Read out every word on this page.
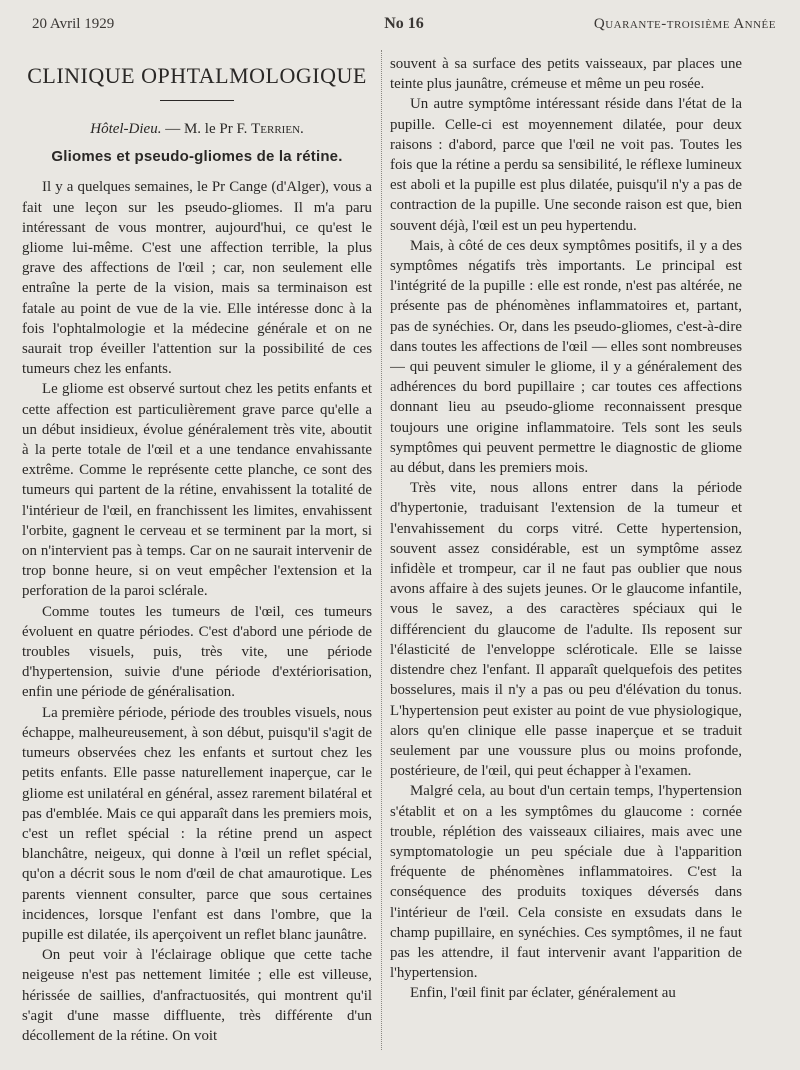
20 Avril 1929	No 16	Quarante-troisième Année
CLINIQUE OPHTALMOLOGIQUE
Hôtel-Dieu. — M. le Pr F. Terrien.
Gliomes et pseudo-gliomes de la rétine.

Il y a quelques semaines, le Pr Cange (d'Alger), vous a fait une leçon sur les pseudo-gliomes. Il m'a paru intéressant de vous montrer, aujourd'hui, ce qu'est le gliome lui-même. C'est une affection terrible, la plus grave des affections de l'œil ; car, non seulement elle entraîne la perte de la vision, mais sa terminaison est fatale au point de vue de la vie. Elle intéresse donc à la fois l'ophtalmologie et la médecine générale et on ne saurait trop éveiller l'attention sur la possibilité de ces tumeurs chez les enfants.

Le gliome est observé surtout chez les petits enfants et cette affection est particulièrement grave parce qu'elle a un début insidieux, évolue généralement très vite, aboutit à la perte totale de l'œil et a une tendance envahissante extrême. Comme le représente cette planche, ce sont des tumeurs qui partent de la rétine, envahissent la totalité de l'intérieur de l'œil, en franchissent les limites, envahissent l'orbite, gagnent le cerveau et se terminent par la mort, si on n'intervient pas à temps. Car on ne saurait intervenir de trop bonne heure, si on veut empêcher l'extension et la perforation de la paroi sclérale.

Comme toutes les tumeurs de l'œil, ces tumeurs évoluent en quatre périodes. C'est d'abord une période de troubles visuels, puis, très vite, une période d'hypertension, suivie d'une période d'extériorisation, enfin une période de généralisation.

La première période, période des troubles visuels, nous échappe, malheureusement, à son début, puisqu'il s'agit de tumeurs observées chez les enfants et surtout chez les petits enfants. Elle passe naturellement inaperçue, car le gliome est unilatéral en général, assez rarement bilatéral et pas d'emblée. Mais ce qui apparaît dans les premiers mois, c'est un reflet spécial : la rétine prend un aspect blanchâtre, neigeux, qui donne à l'œil un reflet spécial, qu'on a décrit sous le nom d'œil de chat amaurotique. Les parents viennent consulter, parce que sous certaines incidences, lorsque l'enfant est dans l'ombre, que la pupille est dilatée, ils aperçoivent un reflet blanc jaunâtre.

On peut voir à l'éclairage oblique que cette tache neigeuse n'est pas nettement limitée ; elle est villeuse, hérissée de saillies, d'anfractuosités, qui montrent qu'il s'agit d'une masse diffluente, très différente d'un décollement de la rétine. On voit

souvent à sa surface des petits vaisseaux, par places une teinte plus jaunâtre, crémeuse et même un peu rosée.

Un autre symptôme intéressant réside dans l'état de la pupille. Celle-ci est moyennement dilatée, pour deux raisons : d'abord, parce que l'œil ne voit pas. Toutes les fois que la rétine a perdu sa sensibilité, le réflexe lumineux est aboli et la pupille est plus dilatée, puisqu'il n'y a pas de contraction de la pupille. Une seconde raison est que, bien souvent déjà, l'œil est un peu hypertendu.

Mais, à côté de ces deux symptômes positifs, il y a des symptômes négatifs très importants. Le principal est l'intégrité de la pupille : elle est ronde, n'est pas altérée, ne présente pas de phénomènes inflammatoires et, partant, pas de synéchies. Or, dans les pseudo-gliomes, c'est-à-dire dans toutes les affections de l'œil — elles sont nombreuses — qui peuvent simuler le gliome, il y a généralement des adhérences du bord pupillaire ; car toutes ces affections donnant lieu au pseudo-gliome reconnaissent presque toujours une origine inflammatoire. Tels sont les seuls symptômes qui peuvent permettre le diagnostic de gliome au début, dans les premiers mois.

Très vite, nous allons entrer dans la période d'hypertonie, traduisant l'extension de la tumeur et l'envahissement du corps vitré. Cette hypertension, souvent assez considérable, est un symptôme assez infidèle et trompeur, car il ne faut pas oublier que nous avons affaire à des sujets jeunes. Or le glaucome infantile, vous le savez, a des caractères spéciaux qui le différencient du glaucome de l'adulte. Ils reposent sur l'élasticité de l'enveloppe scléroticale. Elle se laisse distendre chez l'enfant. Il apparaît quelquefois des petites bosselures, mais il n'y a pas ou peu d'élévation du tonus. L'hypertension peut exister au point de vue physiologique, alors qu'en clinique elle passe inaperçue et se traduit seulement par une voussure plus ou moins profonde, postérieure, de l'œil, qui peut échapper à l'examen.

Malgré cela, au bout d'un certain temps, l'hypertension s'établit et on a les symptômes du glaucome : cornée trouble, réplétion des vaisseaux ciliaires, mais avec une symptomatologie un peu spéciale due à l'apparition fréquente de phénomènes inflammatoires. C'est la conséquence des produits toxiques déversés dans l'intérieur de l'œil. Cela consiste en exsudats dans le champ pupillaire, en synéchies. Ces symptômes, il ne faut pas les attendre, il faut intervenir avant l'apparition de l'hypertension.

Enfin, l'œil finit par éclater, généralement au
